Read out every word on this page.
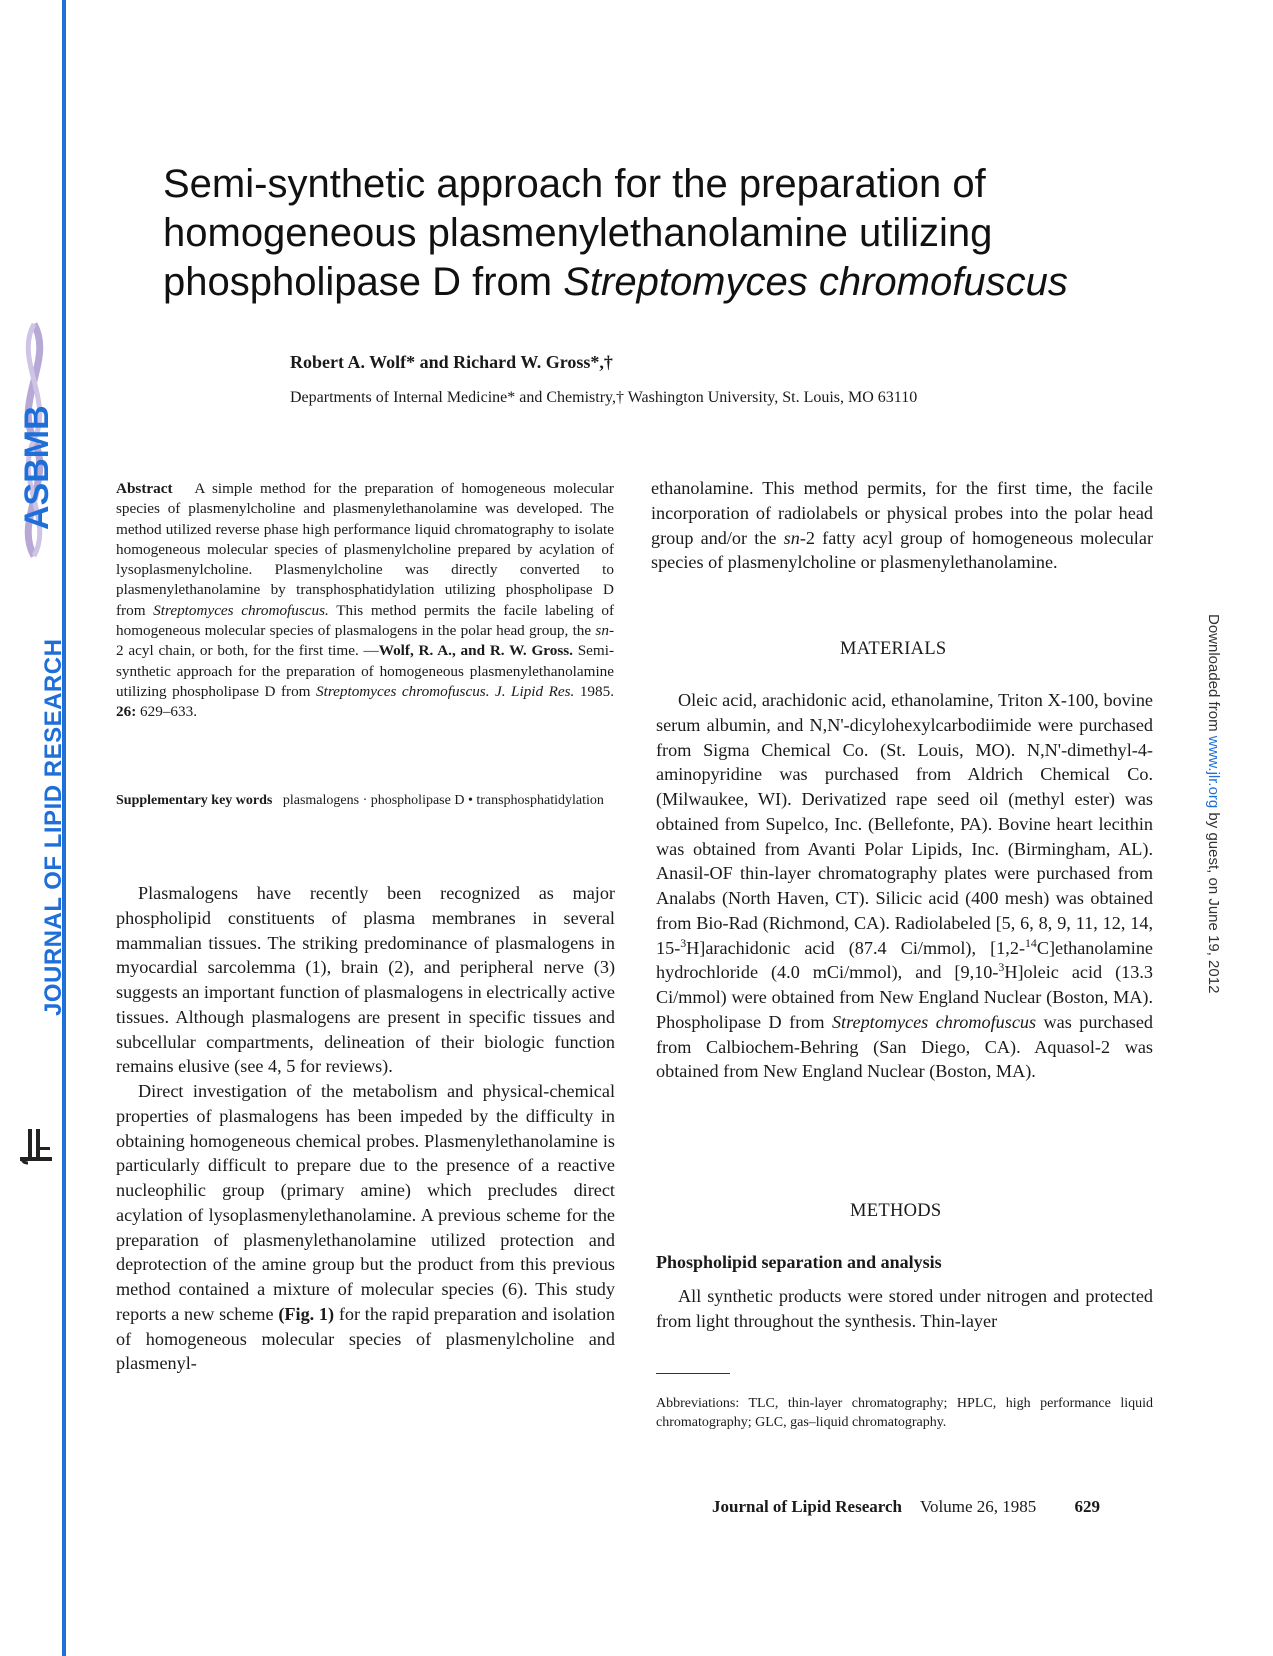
ASBMB
JOURNAL OF LIPID RESEARCH	Downloaded from www.jlr.org by guest, on June 19, 2012
Semi-synthetic approach for the preparation of
homogeneous plasmenylethanolamine utilizing
phospholipase D from Streptomyces chromofuscus
Robert A. Wolf* and Richard W. Gross*,†
Departments of Internal Medicine* and Chemistry,† Washington University, St. Louis, MO 63110
Abstract A simple method for the preparation of homogeneous molecular species of plasmenylcholine and plasmenylethanolamine was developed. The method utilized reverse phase high performance liquid chromatography to isolate homogeneous molecular species of plasmenylcholine prepared by acylation of lysoplasmenylcholine. Plasmenylcholine was directly converted to plasmenylethanolamine by transphosphatidylation utilizing phospholipase D from Streptomyces chromofuscus. This method permits the facile labeling of homogeneous molecular species of plasmalogens in the polar head group, the sn-2 acyl chain, or both, for the first time. —Wolf, R. A., and R. W. Gross. Semi-synthetic approach for the preparation of homogeneous plasmenylethanolamine utilizing phospholipase D from Streptomyces chromofuscus. J. Lipid Res. 1985. 26: 629–633.
Supplementary key words plasmalogens · phospholipase D • transphosphatidylation

Plasmalogens have recently been recognized as major phospholipid constituents of plasma membranes in several mammalian tissues. The striking predominance of plasmalogens in myocardial sarcolemma (1), brain (2), and peripheral nerve (3) suggests an important function of plasmalogens in electrically active tissues. Although plasmalogens are present in specific tissues and subcellular compartments, delineation of their biologic function remains elusive (see 4, 5 for reviews).

Direct investigation of the metabolism and physical-chemical properties of plasmalogens has been impeded by the difficulty in obtaining homogeneous chemical probes. Plasmenylethanolamine is particularly difficult to prepare due to the presence of a reactive nucleophilic group (primary amine) which precludes direct acylation of lysoplasmenylethanolamine. A previous scheme for the preparation of plasmenylethanolamine utilized protection and deprotection of the amine group but the product from this previous method contained a mixture of molecular species (6). This study reports a new scheme (Fig. 1) for the rapid preparation and isolation of homogeneous molecular species of plasmenylcholine and plasmenyl-

ethanolamine. This method permits, for the first time, the facile incorporation of radiolabels or physical probes into the polar head group and/or the sn-2 fatty acyl group of homogeneous molecular species of plasmenylcholine or plasmenylethanolamine.

MATERIALS

Oleic acid, arachidonic acid, ethanolamine, Triton X-100, bovine serum albumin, and N,N'-dicylohexylcarbodiimide were purchased from Sigma Chemical Co. (St. Louis, MO). N,N'-dimethyl-4-aminopyridine was purchased from Aldrich Chemical Co. (Milwaukee, WI). Derivatized rape seed oil (methyl ester) was obtained from Supelco, Inc. (Bellefonte, PA). Bovine heart lecithin was obtained from Avanti Polar Lipids, Inc. (Birmingham, AL). Anasil-OF thin-layer chromatography plates were purchased from Analabs (North Haven, CT). Silicic acid (400 mesh) was obtained from Bio-Rad (Richmond, CA). Radiolabeled [5, 6, 8, 9, 11, 12, 14, 15-$^3$H]arachidonic acid (87.4 Ci/mmol), [1,2-$^{14}$C]ethanolamine hydrochloride (4.0 mCi/mmol), and [9,10-$^3$H]oleic acid (13.3 Ci/mmol) were obtained from New England Nuclear (Boston, MA). Phospholipase D from Streptomyces chromofuscus was purchased from Calbiochem-Behring (San Diego, CA). Aquasol-2 was obtained from New England Nuclear (Boston, MA).

METHODS
Phospholipid separation and analysis

All synthetic products were stored under nitrogen and protected from light throughout the synthesis. Thin-layer

Abbreviations: TLC, thin-layer chromatography; HPLC, high performance liquid chromatography; GLC, gas–liquid chromatography.
Journal of Lipid Research Volume 26, 1985 629
